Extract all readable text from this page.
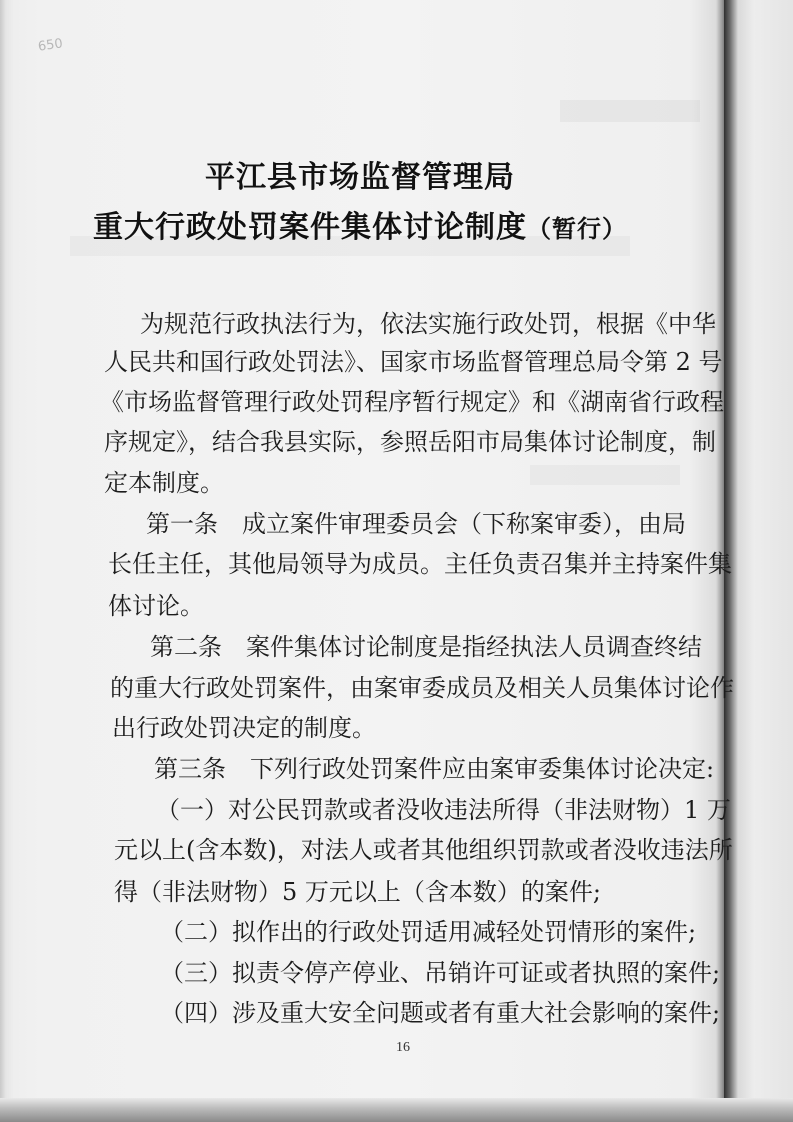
650
平江县市场监督管理局
重大行政处罚案件集体讨论制度（暂行）
为规范行政执法行为，依法实施行政处罚，根据《中华
人民共和国行政处罚法》、国家市场监督管理总局令第 2 号
《市场监督管理行政处罚程序暂行规定》和《湖南省行政程
序规定》，结合我县实际，参照岳阳市局集体讨论制度，制
定本制度。
第一条　成立案件审理委员会（下称案审委），由局
长任主任，其他局领导为成员。主任负责召集并主持案件集
体讨论。
第二条　案件集体讨论制度是指经执法人员调查终结
的重大行政处罚案件，由案审委成员及相关人员集体讨论作
出行政处罚决定的制度。
第三条　下列行政处罚案件应由案审委集体讨论决定:
（一）对公民罚款或者没收违法所得（非法财物）1 万
元以上(含本数)，对法人或者其他组织罚款或者没收违法所
得（非法财物）5 万元以上（含本数）的案件;
（二）拟作出的行政处罚适用减轻处罚情形的案件;
（三）拟责令停产停业、吊销许可证或者执照的案件;
（四）涉及重大安全问题或者有重大社会影响的案件;
16
